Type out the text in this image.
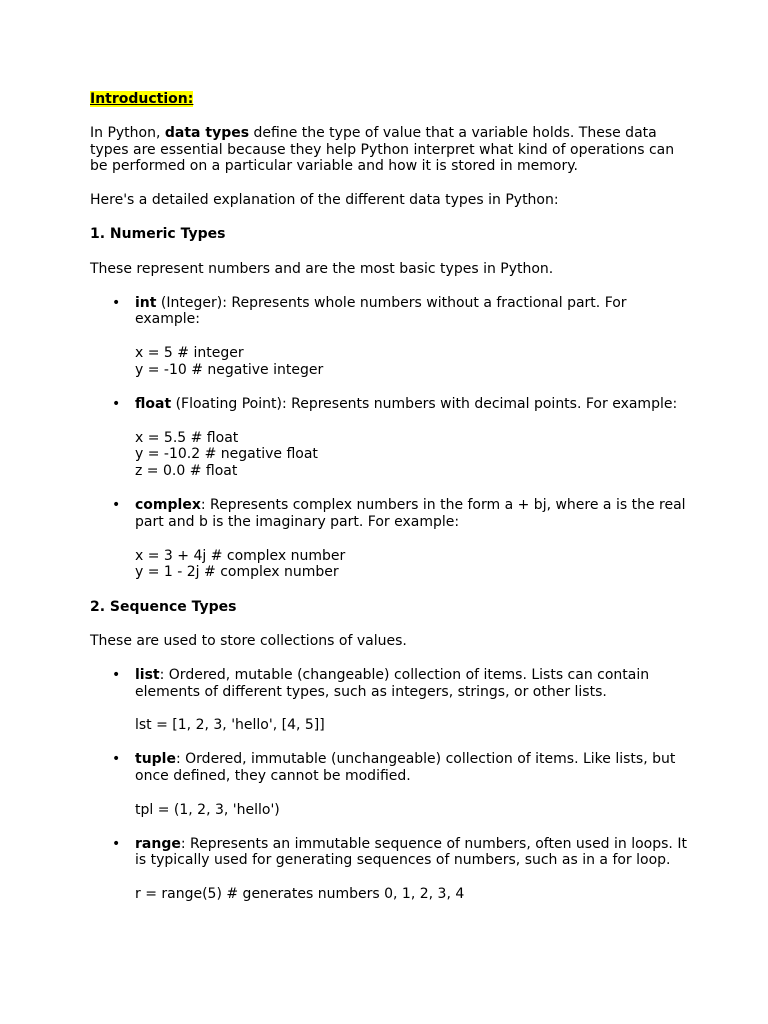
Introduction:

In Python, data types define the type of value that a variable holds. These data types are essential because they help Python interpret what kind of operations can be performed on a particular variable and how it is stored in memory.

Here's a detailed explanation of the different data types in Python:

1. Numeric Types

These represent numbers and are the most basic types in Python.

• int (Integer): Represents whole numbers without a fractional part. For example:

x = 5 # integer
y = -10 # negative integer
• float (Floating Point): Represents numbers with decimal points. For example:

x = 5.5 # float
y = -10.2 # negative float
z = 0.0 # float
• complex: Represents complex numbers in the form a + bj, where a is the real part and b is the imaginary part. For example:

x = 3 + 4j # complex number
y = 1 - 2j # complex number

2. Sequence Types

These are used to store collections of values.

• list: Ordered, mutable (changeable) collection of items. Lists can contain elements of different types, such as integers, strings, or other lists.

lst = [1, 2, 3, 'hello', [4, 5]]
• tuple: Ordered, immutable (unchangeable) collection of items. Like lists, but once defined, they cannot be modified.

tpl = (1, 2, 3, 'hello')
• range: Represents an immutable sequence of numbers, often used in loops. It is typically used for generating sequences of numbers, such as in a for loop.

r = range(5) # generates numbers 0, 1, 2, 3, 4
